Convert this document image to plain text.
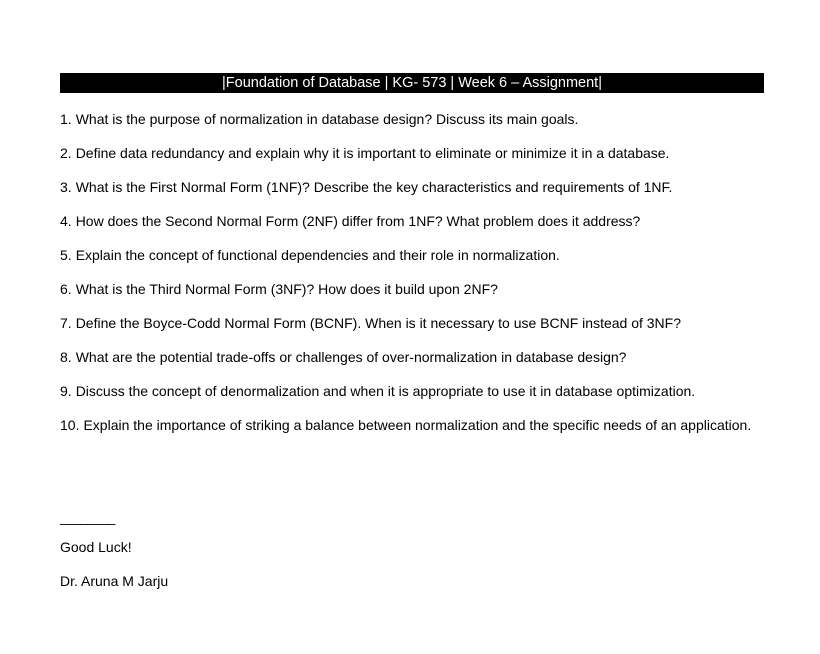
|Foundation of Database | KG- 573 | Week 6 – Assignment|
1. What is the purpose of normalization in database design? Discuss its main goals.
2. Define data redundancy and explain why it is important to eliminate or minimize it in a database.
3. What is the First Normal Form (1NF)? Describe the key characteristics and requirements of 1NF.
4. How does the Second Normal Form (2NF) differ from 1NF? What problem does it address?
5. Explain the concept of functional dependencies and their role in normalization.
6. What is the Third Normal Form (3NF)? How does it build upon 2NF?
7. Define the Boyce-Codd Normal Form (BCNF). When is it necessary to use BCNF instead of 3NF?
8. What are the potential trade-offs or challenges of over-normalization in database design?
9. Discuss the concept of denormalization and when it is appropriate to use it in database optimization.
10. Explain the importance of striking a balance between normalization and the specific needs of an application.
________
Good Luck!
Dr. Aruna M Jarju
